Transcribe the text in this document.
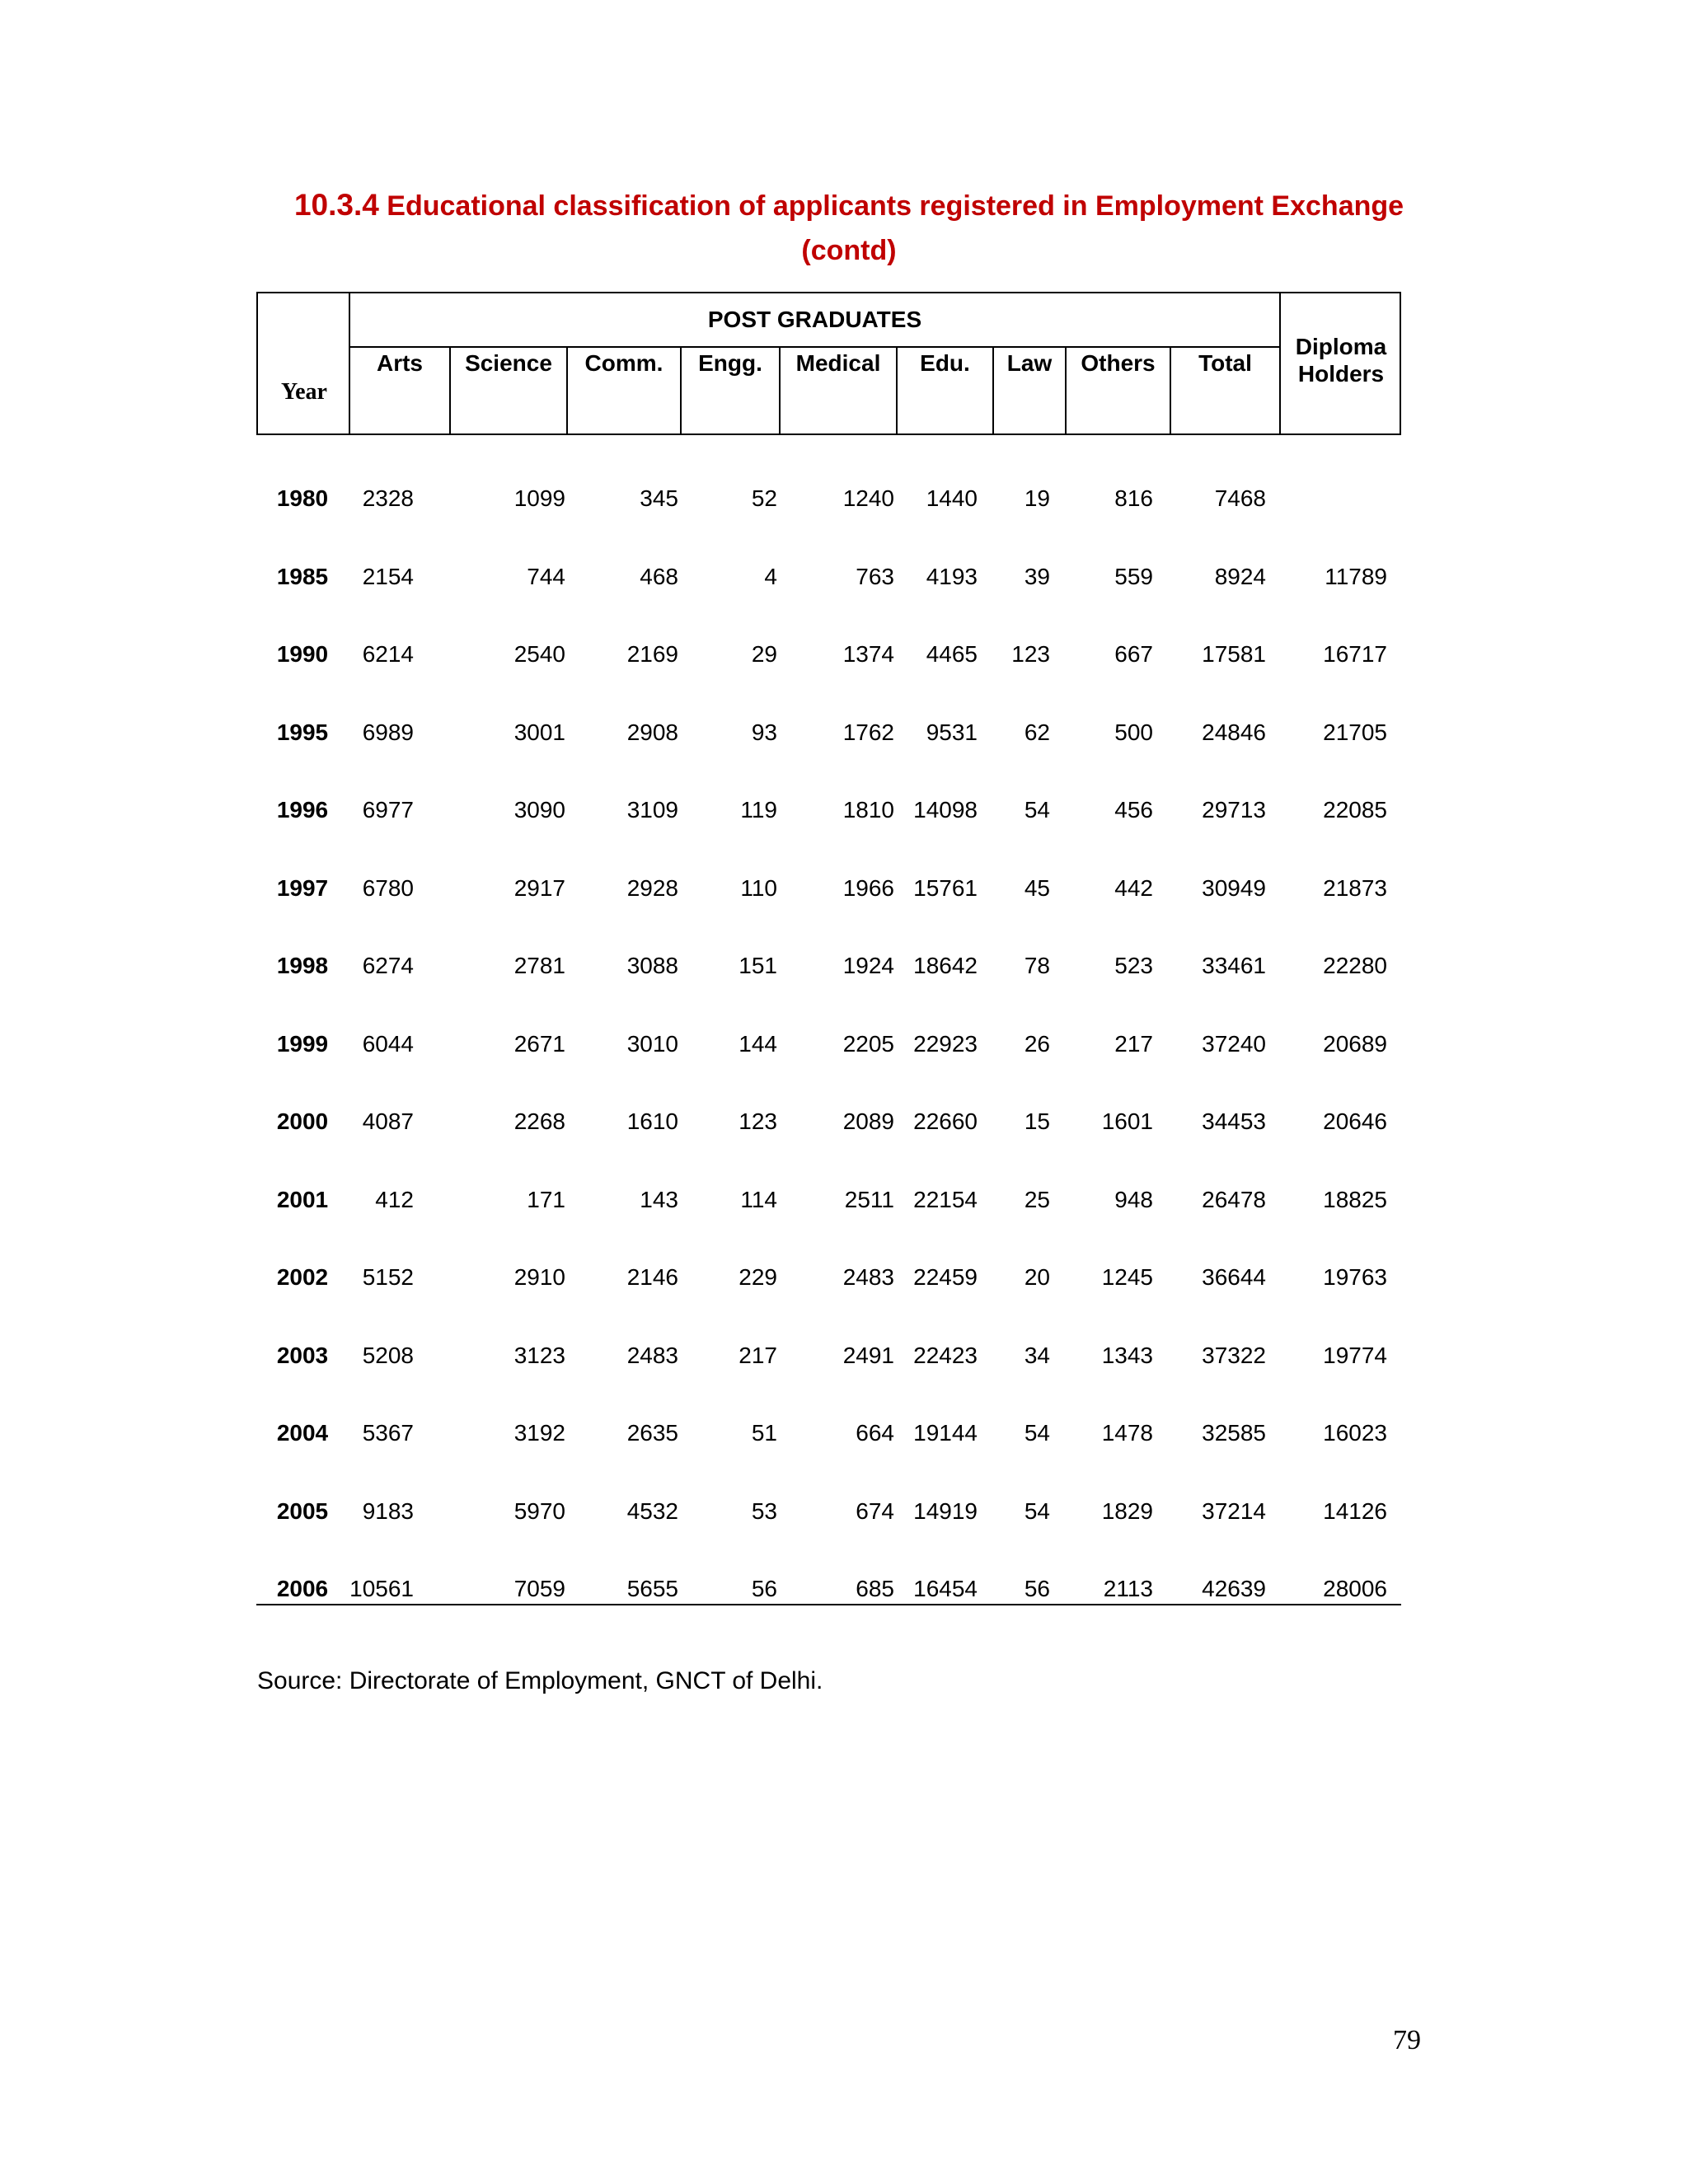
10.3.4 Educational classification of applicants registered in Employment Exchange (contd)
POST GRADUATES
Year
Arts	Science	Comm.	Engg.	Medical	Edu.	Law	Others	Total
Diploma Holders
1980	2328	1099	345	52	1240	1440	19	816	7468
1985	2154	744	468	4	763	4193	39	559	8924	11789
1990	6214	2540	2169	29	1374	4465	123	667	17581	16717
1995	6989	3001	2908	93	1762	9531	62	500	24846	21705
1996	6977	3090	3109	119	1810 14098	54	456	29713	22085
1997	6780	2917	2928	110	1966 15761	45	442	30949	21873
1998	6274	2781	3088	151	1924 18642	78	523	33461	22280
1999	6044	2671	3010	144	2205 22923	26	217	37240	20689
2000	4087	2268	1610	123	2089 22660	15	1601	34453	20646
2001	412	171	143	114	2511 22154	25	948	26478	18825
2002	5152	2910	2146	229	2483 22459	20	1245	36644	19763
2003	5208	3123	2483	217	2491 22423	34	1343	37322	19774
2004	5367	3192	2635	51	664 19144	54	1478	32585	16023
2005	9183	5970	4532	53	674 14919	54	1829	37214	14126
2006 10561	7059	5655	56	685 16454	56	2113	42639	28006
Source: Directorate of Employment, GNCT of Delhi.
79
